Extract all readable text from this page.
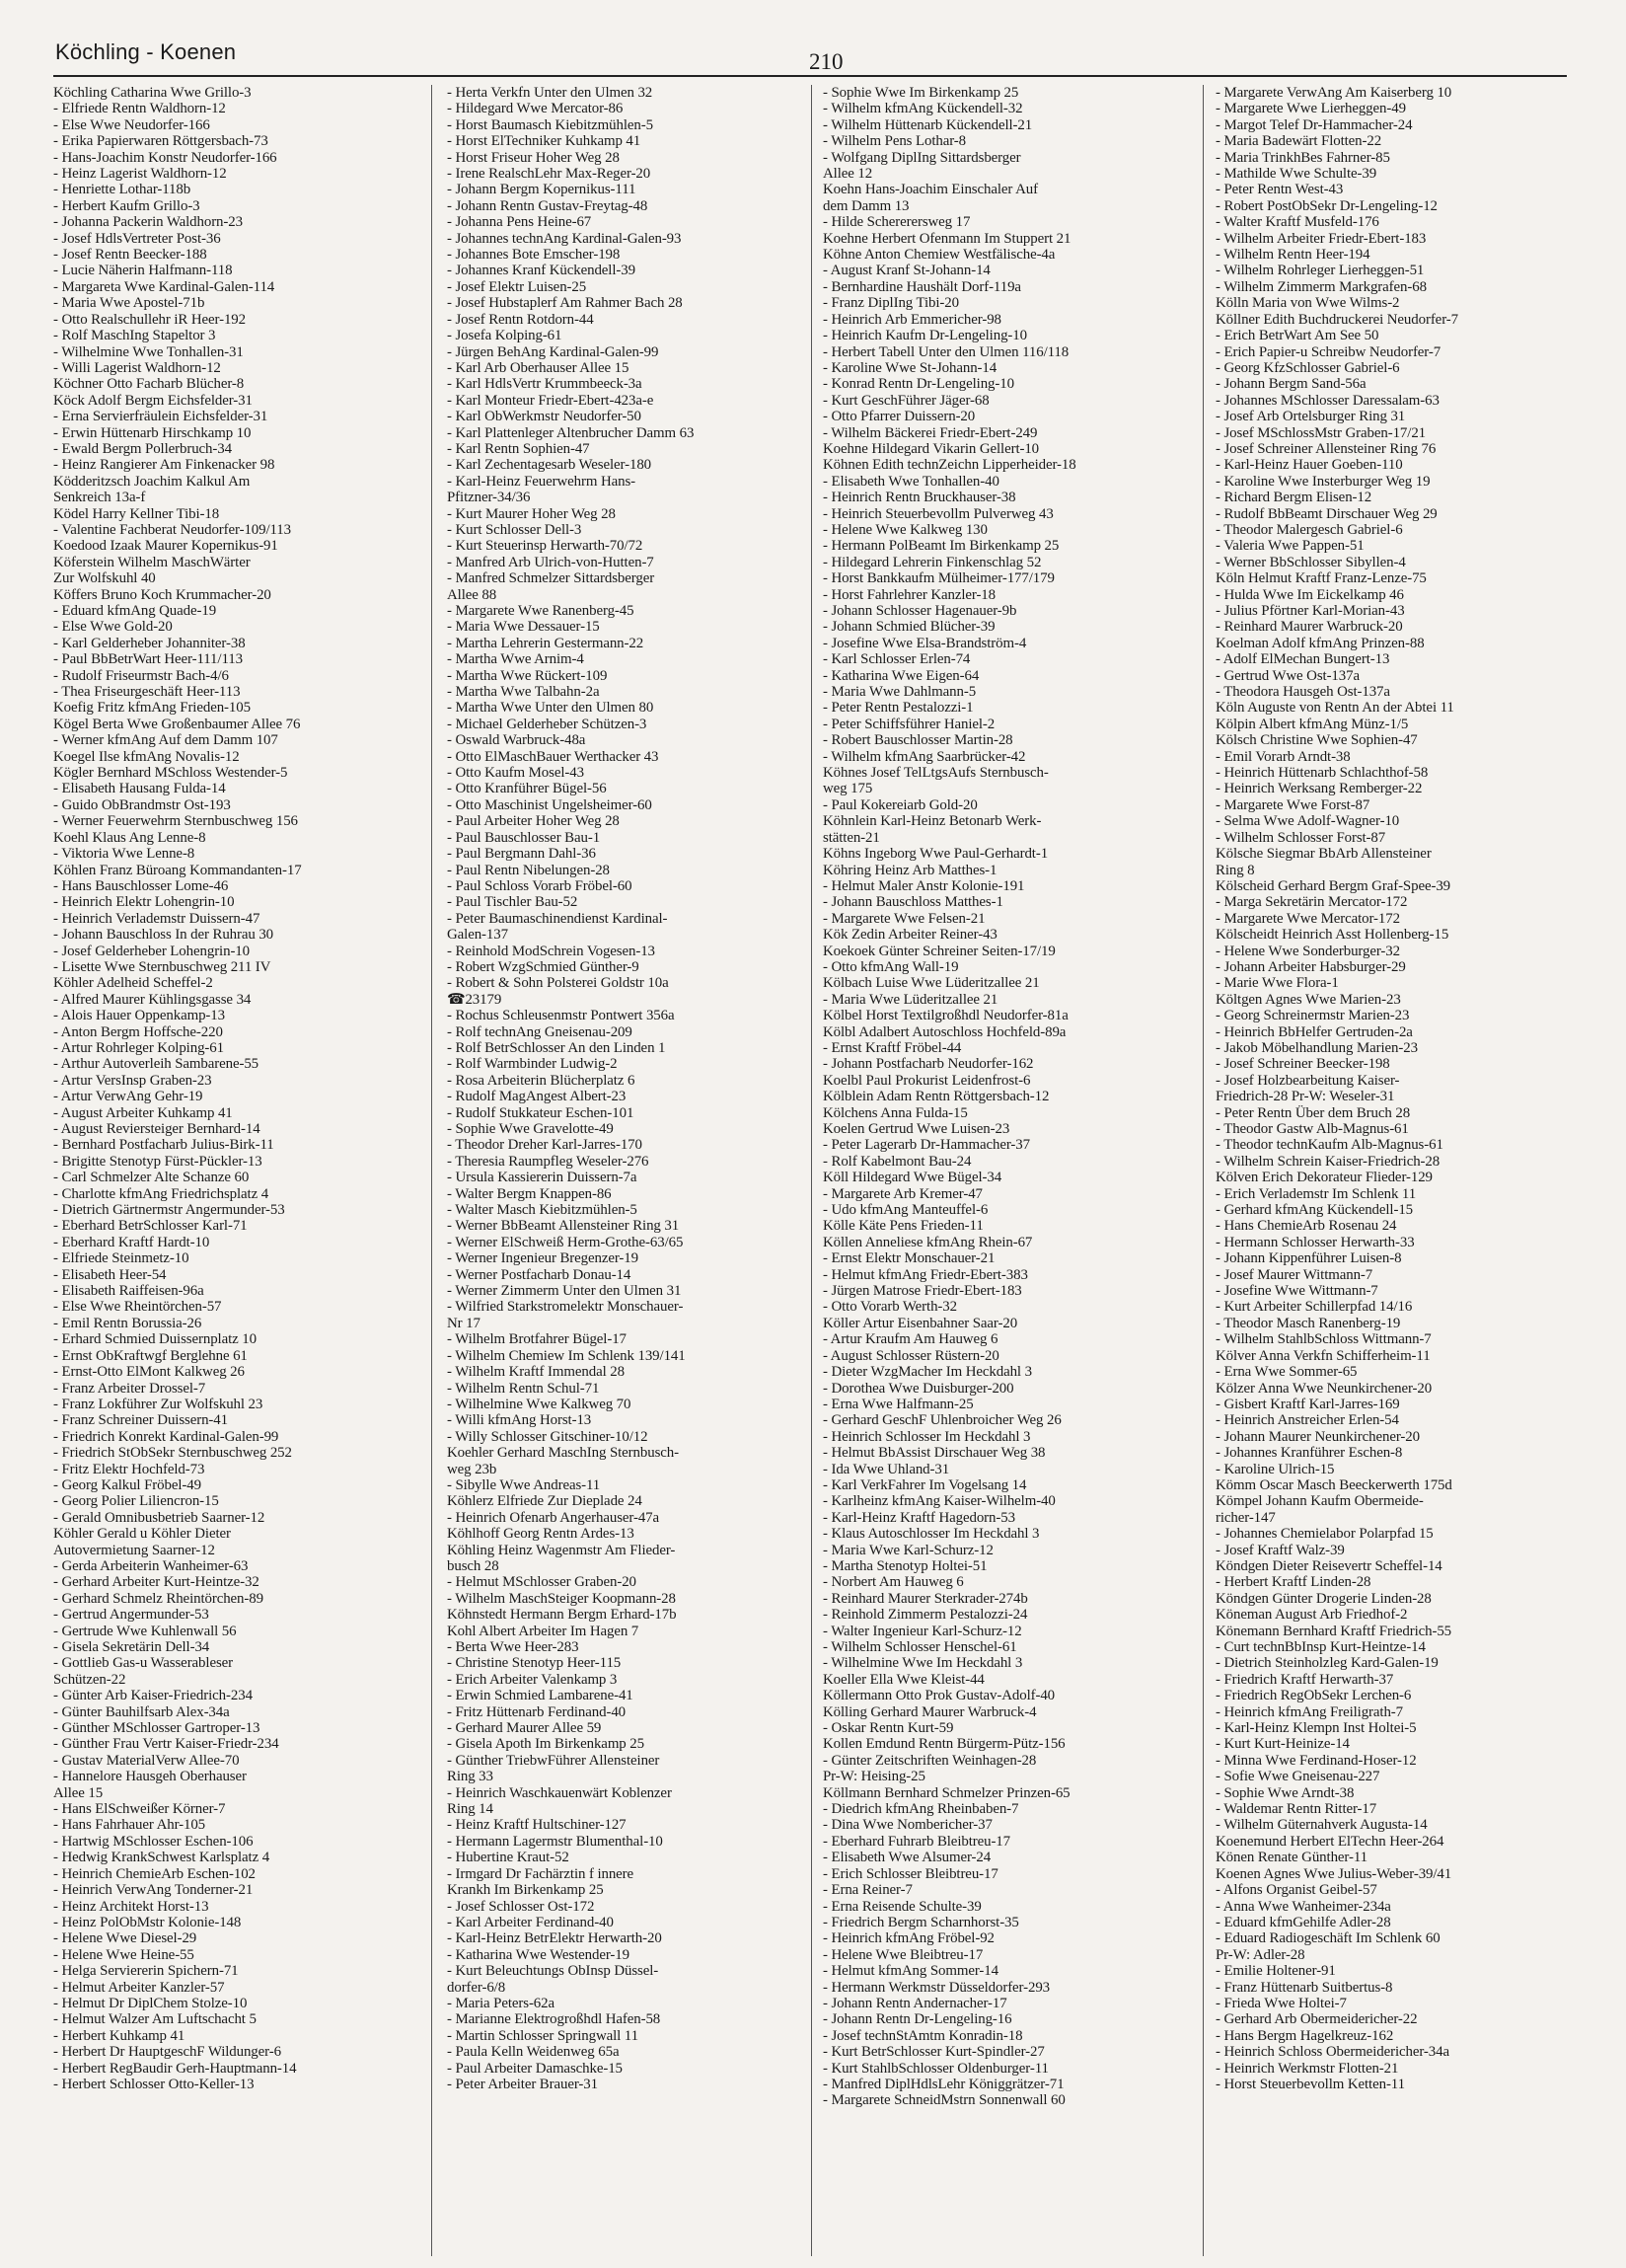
Köchling - Koenen	210
Köchling Catharina Wwe Grillo-3
- Elfriede Rentn Waldhorn-12
- Else Wwe Neudorfer-166
- Erika Papierwaren Röttgersbach-73
- Hans-Joachim Konstr Neudorfer-166
- Heinz Lagerist Waldhorn-12
- Henriette Lothar-118b
- Herbert Kaufm Grillo-3
- Johanna Packerin Waldhorn-23
- Josef HdlsVertreter Post-36
- Josef Rentn Beecker-188
- Lucie Näherin Halfmann-118
- Margareta Wwe Kardinal-Galen-114
- Maria Wwe Apostel-71b
- Otto Realschullehr iR Heer-192
- Rolf MaschIng Stapeltor 3
- Wilhelmine Wwe Tonhallen-31
- Willi Lagerist Waldhorn-12
Köchner Otto Facharb Blücher-8
Köck Adolf Bergm Eichsfelder-31
- Erna Servierfräulein Eichsfelder-31
- Erwin Hüttenarb Hirschkamp 10
- Ewald Bergm Pollerbruch-34
- Heinz Rangierer Am Finkenacker 98
Ködderitzsch Joachim Kalkul Am
Senkreich 13a-f
Ködel Harry Kellner Tibi-18
- Valentine Fachberat Neudorfer-109/113
Koedood Izaak Maurer Kopernikus-91
Köferstein Wilhelm MaschWärter
Zur Wolfskuhl 40
Köffers Bruno Koch Krummacher-20
- Eduard kfmAng Quade-19
- Else Wwe Gold-20
- Karl Gelderheber Johanniter-38
- Paul BbBetrWart Heer-111/113
- Rudolf Friseurmstr Bach-4/6
- Thea Friseurgeschäft Heer-113
Koefig Fritz kfmAng Frieden-105
Kögel Berta Wwe Großenbaumer Allee 76
- Werner kfmAng Auf dem Damm 107
Koegel Ilse kfmAng Novalis-12
Kögler Bernhard MSchloss Westender-5
- Elisabeth Hausang Fulda-14
- Guido ObBrandmstr Ost-193
- Werner Feuerwehrm Sternbuschweg 156
Koehl Klaus Ang Lenne-8
- Viktoria Wwe Lenne-8
Köhlen Franz Büroang Kommandanten-17
- Hans Bauschlosser Lome-46
- Heinrich Elektr Lohengrin-10
- Heinrich Verlademstr Duissern-47
- Johann Bauschloss In der Ruhrau 30
- Josef Gelderheber Lohengrin-10
- Lisette Wwe Sternbuschweg 211 IV
Köhler Adelheid Scheffel-2
- Alfred Maurer Kühlingsgasse 34
- Alois Hauer Oppenkamp-13
- Anton Bergm Hoffsche-220
- Artur Rohrleger Kolping-61
- Arthur Autoverleih Sambarene-55
- Artur VersInsp Graben-23
- Artur VerwAng Gehr-19
- August Arbeiter Kuhkamp 41
- August Reviersteiger Bernhard-14
- Bernhard Postfacharb Julius-Birk-11
- Brigitte Stenotyp Fürst-Pückler-13
- Carl Schmelzer Alte Schanze 60
- Charlotte kfmAng Friedrichsplatz 4
- Dietrich Gärtnermstr Angermunder-53
- Eberhard BetrSchlosser Karl-71
- Eberhard Kraftf Hardt-10
- Elfriede Steinmetz-10
- Elisabeth Heer-54
- Elisabeth Raiffeisen-96a
- Else Wwe Rheintörchen-57
- Emil Rentn Borussia-26
- Erhard Schmied Duissernplatz 10
- Ernst ObKraftwgf Berglehne 61
- Ernst-Otto ElMont Kalkweg 26
- Franz Arbeiter Drossel-7
- Franz Lokführer Zur Wolfskuhl 23
- Franz Schreiner Duissern-41
- Friedrich Konrekt Kardinal-Galen-99
- Friedrich StObSekr Sternbuschweg 252
- Fritz Elektr Hochfeld-73
- Georg Kalkul Fröbel-49
- Georg Polier Liliencron-15
- Gerald Omnibusbetrieb Saarner-12
Köhler Gerald u Köhler Dieter
Autovermietung Saarner-12
- Gerda Arbeiterin Wanheimer-63
- Gerhard Arbeiter Kurt-Heintze-32
- Gerhard Schmelz Rheintörchen-89
- Gertrud Angermunder-53
- Gertrude Wwe Kuhlenwall 56
- Gisela Sekretärin Dell-34
- Gottlieb Gas-u Wasserableser
Schützen-22
- Günter Arb Kaiser-Friedrich-234
- Günter Bauhilfsarb Alex-34a
- Günther MSchlosser Gartroper-13
- Günther Frau Vertr Kaiser-Friedr-234
- Gustav MaterialVerw Allee-70
- Hannelore Hausgeh Oberhauser
Allee 15
- Hans ElSchweißer Körner-7
- Hans Fahrhauer Ahr-105
- Hartwig MSchlosser Eschen-106
- Hedwig KrankSchwest Karlsplatz 4
- Heinrich ChemieArb Eschen-102
- Heinrich VerwAng Tonderner-21
- Heinz Architekt Horst-13
- Heinz PolObMstr Kolonie-148
- Helene Wwe Diesel-29
- Helene Wwe Heine-55
- Helga Serviererin Spichern-71
- Helmut Arbeiter Kanzler-57
- Helmut Dr DiplChem Stolze-10
- Helmut Walzer Am Luftschacht 5
- Herbert Kuhkamp 41
- Herbert Dr HauptgeschF Wildunger-6
- Herbert RegBaudir Gerh-Hauptmann-14
- Herbert Schlosser Otto-Keller-13
- Herta Verkfn Unter den Ulmen 32
- Hildegard Wwe Mercator-86
- Horst Baumasch Kiebitzmühlen-5
- Horst ElTechniker Kuhkamp 41
- Horst Friseur Hoher Weg 28
- Irene RealschLehr Max-Reger-20
- Johann Bergm Kopernikus-111
- Johann Rentn Gustav-Freytag-48
- Johanna Pens Heine-67
- Johannes technAng Kardinal-Galen-93
- Johannes Bote Emscher-198
- Johannes Kranf Kückendell-39
- Josef Elektr Luisen-25
- Josef Hubstaplerf Am Rahmer Bach 28
- Josef Rentn Rotdorn-44
- Josefa Kolping-61
- Jürgen BehAng Kardinal-Galen-99
- Karl Arb Oberhauser Allee 15
- Karl HdlsVertr Krummbeeck-3a
- Karl Monteur Friedr-Ebert-423a-e
- Karl ObWerkmstr Neudorfer-50
- Karl Plattenleger Altenbrucher Damm 63
- Karl Rentn Sophien-47
- Karl Zechentagesarb Weseler-180
- Karl-Heinz Feuerwehrm Hans-
Pfitzner-34/36
- Kurt Maurer Hoher Weg 28
- Kurt Schlosser Dell-3
- Kurt Steuerinsp Herwarth-70/72
- Manfred Arb Ulrich-von-Hutten-7
- Manfred Schmelzer Sittardsberger
Allee 88
- Margarete Wwe Ranenberg-45
- Maria Wwe Dessauer-15
- Martha Lehrerin Gestermann-22
- Martha Wwe Arnim-4
- Martha Wwe Rückert-109
- Martha Wwe Talbahn-2a
- Martha Wwe Unter den Ulmen 80
- Michael Gelderheber Schützen-3
- Oswald Warbruck-48a
- Otto ElMaschBauer Werthacker 43
- Otto Kaufm Mosel-43
- Otto Kranführer Bügel-56
- Otto Maschinist Ungelsheimer-60
- Paul Arbeiter Hoher Weg 28
- Paul Bauschlosser Bau-1
- Paul Bergmann Dahl-36
- Paul Rentn Nibelungen-28
- Paul Schloss Vorarb Fröbel-60
- Paul Tischler Bau-52
- Peter Baumaschinendienst Kardinal-
Galen-137
- Reinhold ModSchrein Vogesen-13
- Robert WzgSchmied Günther-9
- Robert & Sohn Polsterei Goldstr 10a
☎23179
- Rochus Schleusenmstr Pontwert 356a
- Rolf technAng Gneisenau-209
- Rolf BetrSchlosser An den Linden 1
- Rolf Warmbinder Ludwig-2
- Rosa Arbeiterin Blücherplatz 6
- Rudolf MagAngest Albert-23
- Rudolf Stukkateur Eschen-101
- Sophie Wwe Gravelotte-49
- Theodor Dreher Karl-Jarres-170
- Theresia Raumpfleg Weseler-276
- Ursula Kassiererin Duissern-7a
- Walter Bergm Knappen-86
- Walter Masch Kiebitzmühlen-5
- Werner BbBeamt Allensteiner Ring 31
- Werner ElSchweiß Herm-Grothe-63/65
- Werner Ingenieur Bregenzer-19
- Werner Postfacharb Donau-14
- Werner Zimmerm Unter den Ulmen 31
- Wilfried Starkstromelektr Monschauer-
Nr 17
- Wilhelm Brotfahrer Bügel-17
- Wilhelm Chemiew Im Schlenk 139/141
- Wilhelm Kraftf Immendal 28
- Wilhelm Rentn Schul-71
- Wilhelmine Wwe Kalkweg 70
- Willi kfmAng Horst-13
- Willy Schlosser Gitschiner-10/12
Koehler Gerhard MaschIng Sternbusch-
weg 23b
- Sibylle Wwe Andreas-11
Köhlerz Elfriede Zur Dieplade 24
- Heinrich Ofenarb Angerhauser-47a
Köhlhoff Georg Rentn Ardes-13
Köhling Heinz Wagenmstr Am Flieder-
busch 28
- Helmut MSchlosser Graben-20
- Wilhelm MaschSteiger Koopmann-28
Köhnstedt Hermann Bergm Erhard-17b
Kohl Albert Arbeiter Im Hagen 7
- Berta Wwe Heer-283
- Christine Stenotyp Heer-115
- Erich Arbeiter Valenkamp 3
- Erwin Schmied Lambarene-41
- Fritz Hüttenarb Ferdinand-40
- Gerhard Maurer Allee 59
- Gisela Apoth Im Birkenkamp 25
- Günther TriebwFührer Allensteiner
Ring 33
- Heinrich Waschkauenwärt Koblenzer
Ring 14
- Heinz Kraftf Hultschiner-127
- Hermann Lagermstr Blumenthal-10
- Hubertine Kraut-52
- Irmgard Dr Fachärztin f innere
Krankh Im Birkenkamp 25
- Josef Schlosser Ost-172
- Karl Arbeiter Ferdinand-40
- Karl-Heinz BetrElektr Herwarth-20
- Katharina Wwe Westender-19
- Kurt Beleuchtungs ObInsp Düssel-
dorfer-6/8
- Maria Peters-62a
- Marianne Elektrogroßhdl Hafen-58
- Martin Schlosser Springwall 11
- Paula Kelln Weidenweg 65a
- Paul Arbeiter Damaschke-15
- Peter Arbeiter Brauer-31
- Sophie Wwe Im Birkenkamp 25
- Wilhelm kfmAng Kückendell-32
- Wilhelm Hüttenarb Kückendell-21
- Wilhelm Pens Lothar-8
- Wolfgang DiplIng Sittardsberger
Allee 12
Koehn Hans-Joachim Einschaler Auf
dem Damm 13
- Hilde Schererersweg 17
Koehne Herbert Ofenmann Im Stuppert 21
Köhne Anton Chemiew Westfälische-4a
- August Kranf St-Johann-14
- Bernhardine Haushält Dorf-119a
- Franz DiplIng Tibi-20
- Heinrich Arb Emmericher-98
- Heinrich Kaufm Dr-Lengeling-10
- Herbert Tabell Unter den Ulmen 116/118
- Karoline Wwe St-Johann-14
- Konrad Rentn Dr-Lengeling-10
- Kurt GeschFührer Jäger-68
- Otto Pfarrer Duissern-20
- Wilhelm Bäckerei Friedr-Ebert-249
Koehne Hildegard Vikarin Gellert-10
Köhnen Edith technZeichn Lipperheider-18
- Elisabeth Wwe Tonhallen-40
- Heinrich Rentn Bruckhauser-38
- Heinrich Steuerbevollm Pulverweg 43
- Helene Wwe Kalkweg 130
- Hermann PolBeamt Im Birkenkamp 25
- Hildegard Lehrerin Finkenschlag 52
- Horst Bankkaufm Mülheimer-177/179
- Horst Fahrlehrer Kanzler-18
- Johann Schlosser Hagenauer-9b
- Johann Schmied Blücher-39
- Josefine Wwe Elsa-Brandström-4
- Karl Schlosser Erlen-74
- Katharina Wwe Eigen-64
- Maria Wwe Dahlmann-5
- Peter Rentn Pestalozzi-1
- Peter Schiffsführer Haniel-2
- Robert Bauschlosser Martin-28
- Wilhelm kfmAng Saarbrücker-42
Köhnes Josef TelLtgsAufs Sternbusch-
weg 175
- Paul Kokereiarb Gold-20
Köhnlein Karl-Heinz Betonarb Werk-
stätten-21
Köhns Ingeborg Wwe Paul-Gerhardt-1
Köhring Heinz Arb Matthes-1
- Helmut Maler Anstr Kolonie-191
- Johann Bauschloss Matthes-1
- Margarete Wwe Felsen-21
Kök Zedin Arbeiter Reiner-43
Koekoek Günter Schreiner Seiten-17/19
- Otto kfmAng Wall-19
Kölbach Luise Wwe Lüderitzallee 21
- Maria Wwe Lüderitzallee 21
Kölbel Horst Textilgroßhdl Neudorfer-81a
Kölbl Adalbert Autoschloss Hochfeld-89a
- Ernst Kraftf Fröbel-44
- Johann Postfacharb Neudorfer-162
Koelbl Paul Prokurist Leidenfrost-6
Kölblein Adam Rentn Röttgersbach-12
Kölchens Anna Fulda-15
Koelen Gertrud Wwe Luisen-23
- Peter Lagerarb Dr-Hammacher-37
- Rolf Kabelmont Bau-24
Köll Hildegard Wwe Bügel-34
- Margarete Arb Kremer-47
- Udo kfmAng Manteuffel-6
Kölle Käte Pens Frieden-11
Köllen Anneliese kfmAng Rhein-67
- Ernst Elektr Monschauer-21
- Helmut kfmAng Friedr-Ebert-383
- Jürgen Matrose Friedr-Ebert-183
- Otto Vorarb Werth-32
Köller Artur Eisenbahner Saar-20
- Artur Kraufm Am Hauweg 6
- August Schlosser Rüstern-20
- Dieter WzgMacher Im Heckdahl 3
- Dorothea Wwe Duisburger-200
- Erna Wwe Halfmann-25
- Gerhard GeschF Uhlenbroicher Weg 26
- Heinrich Schlosser Im Heckdahl 3
- Helmut BbAssist Dirschauer Weg 38
- Ida Wwe Uhland-31
- Karl VerkFahrer Im Vogelsang 14
- Karlheinz kfmAng Kaiser-Wilhelm-40
- Karl-Heinz Kraftf Hagedorn-53
- Klaus Autoschlosser Im Heckdahl 3
- Maria Wwe Karl-Schurz-12
- Martha Stenotyp Holtei-51
- Norbert Am Hauweg 6
- Reinhard Maurer Sterkrader-274b
- Reinhold Zimmerm Pestalozzi-24
- Walter Ingenieur Karl-Schurz-12
- Wilhelm Schlosser Henschel-61
- Wilhelmine Wwe Im Heckdahl 3
Koeller Ella Wwe Kleist-44
Köllermann Otto Prok Gustav-Adolf-40
Kölling Gerhard Maurer Warbruck-4
- Oskar Rentn Kurt-59
Kollen Emdund Rentn Bürgerm-Pütz-156
- Günter Zeitschriften Weinhagen-28
Pr-W: Heising-25
Köllmann Bernhard Schmelzer Prinzen-65
- Diedrich kfmAng Rheinbaben-7
- Dina Wwe Nombericher-37
- Eberhard Fuhrarb Bleibtreu-17
- Elisabeth Wwe Alsumer-24
- Erich Schlosser Bleibtreu-17
- Erna Reiner-7
- Erna Reisende Schulte-39
- Friedrich Bergm Scharnhorst-35
- Heinrich kfmAng Fröbel-92
- Helene Wwe Bleibtreu-17
- Helmut kfmAng Sommer-14
- Hermann Werkmstr Düsseldorfer-293
- Johann Rentn Andernacher-17
- Johann Rentn Dr-Lengeling-16
- Josef technStAmtm Konradin-18
- Kurt BetrSchlosser Kurt-Spindler-27
- Kurt StahlbSchlosser Oldenburger-11
- Manfred DiplHdlsLehr Königgrätzer-71
- Margarete SchneidMstrn Sonnenwall 60
- Margarete VerwAng Am Kaiserberg 10
- Margarete Wwe Lierheggen-49
- Margot Telef Dr-Hammacher-24
- Maria Badewärt Flotten-22
- Maria TrinkhBes Fahrner-85
- Mathilde Wwe Schulte-39
- Peter Rentn West-43
- Robert PostObSekr Dr-Lengeling-12
- Walter Kraftf Musfeld-176
- Wilhelm Arbeiter Friedr-Ebert-183
- Wilhelm Rentn Heer-194
- Wilhelm Rohrleger Lierheggen-51
- Wilhelm Zimmerm Markgrafen-68
Kölln Maria von Wwe Wilms-2
Köllner Edith Buchdruckerei Neudorfer-7
- Erich BetrWart Am See 50
- Erich Papier-u Schreibw Neudorfer-7
- Georg KfzSchlosser Gabriel-6
- Johann Bergm Sand-56a
- Johannes MSchlosser Daressalam-63
- Josef Arb Ortelsburger Ring 31
- Josef MSchlossMstr Graben-17/21
- Josef Schreiner Allensteiner Ring 76
- Karl-Heinz Hauer Goeben-110
- Karoline Wwe Insterburger Weg 19
- Richard Bergm Elisen-12
- Rudolf BbBeamt Dirschauer Weg 29
- Theodor Malergesch Gabriel-6
- Valeria Wwe Pappen-51
- Werner BbSchlosser Sibyllen-4
Köln Helmut Kraftf Franz-Lenze-75
- Hulda Wwe Im Eickelkamp 46
- Julius Pförtner Karl-Morian-43
- Reinhard Maurer Warbruck-20
Koelman Adolf kfmAng Prinzen-88
- Adolf ElMechan Bungert-13
- Gertrud Wwe Ost-137a
- Theodora Hausgeh Ost-137a
Köln Auguste von Rentn An der Abtei 11
Kölpin Albert kfmAng Münz-1/5
Kölsch Christine Wwe Sophien-47
- Emil Vorarb Arndt-38
- Heinrich Hüttenarb Schlachthof-58
- Heinrich Werksang Remberger-22
- Margarete Wwe Forst-87
- Selma Wwe Adolf-Wagner-10
- Wilhelm Schlosser Forst-87
Kölsche Siegmar BbArb Allensteiner
Ring 8
Kölscheid Gerhard Bergm Graf-Spee-39
- Marga Sekretärin Mercator-172
- Margarete Wwe Mercator-172
Kölscheidt Heinrich Asst Hollenberg-15
- Helene Wwe Sonderburger-32
- Johann Arbeiter Habsburger-29
- Marie Wwe Flora-1
Költgen Agnes Wwe Marien-23
- Georg Schreinermstr Marien-23
- Heinrich BbHelfer Gertruden-2a
- Jakob Möbelhandlung Marien-23
- Josef Schreiner Beecker-198
- Josef Holzbearbeitung Kaiser-
Friedrich-28 Pr-W: Weseler-31
- Peter Rentn Über dem Bruch 28
- Theodor Gastw Alb-Magnus-61
- Theodor technKaufm Alb-Magnus-61
- Wilhelm Schrein Kaiser-Friedrich-28
Kölven Erich Dekorateur Flieder-129
- Erich Verlademstr Im Schlenk 11
- Gerhard kfmAng Kückendell-15
- Hans ChemieArb Rosenau 24
- Hermann Schlosser Herwarth-33
- Johann Kippenführer Luisen-8
- Josef Maurer Wittmann-7
- Josefine Wwe Wittmann-7
- Kurt Arbeiter Schillerpfad 14/16
- Theodor Masch Ranenberg-19
- Wilhelm StahlbSchloss Wittmann-7
Kölver Anna Verkfn Schifferheim-11
- Erna Wwe Sommer-65
Kölzer Anna Wwe Neunkirchener-20
- Gisbert Kraftf Karl-Jarres-169
- Heinrich Anstreicher Erlen-54
- Johann Maurer Neunkirchener-20
- Johannes Kranführer Eschen-8
- Karoline Ulrich-15
Kömm Oscar Masch Beeckerwerth 175d
Kömpel Johann Kaufm Obermeide-
richer-147
- Johannes Chemielabor Polarpfad 15
- Josef Kraftf Walz-39
Köndgen Dieter Reisevertr Scheffel-14
- Herbert Kraftf Linden-28
Köndgen Günter Drogerie Linden-28
Köneman August Arb Friedhof-2
Könemann Bernhard Kraftf Friedrich-55
- Curt technBbInsp Kurt-Heintze-14
- Dietrich Steinholzleg Kard-Galen-19
- Friedrich Kraftf Herwarth-37
- Friedrich RegObSekr Lerchen-6
- Heinrich kfmAng Freiligrath-7
- Karl-Heinz Klempn Inst Holtei-5
- Kurt Kurt-Heinize-14
- Minna Wwe Ferdinand-Hoser-12
- Sofie Wwe Gneisenau-227
- Sophie Wwe Arndt-38
- Waldemar Rentn Ritter-17
- Wilhelm Güternahverk Augusta-14
Koenemund Herbert ElTechn Heer-264
Könen Renate Günther-11
Koenen Agnes Wwe Julius-Weber-39/41
- Alfons Organist Geibel-57
- Anna Wwe Wanheimer-234a
- Eduard kfmGehilfe Adler-28
- Eduard Radiogeschäft Im Schlenk 60
Pr-W: Adler-28
- Emilie Holtener-91
- Franz Hüttenarb Suitbertus-8
- Frieda Wwe Holtei-7
- Gerhard Arb Obermeidericher-22
- Hans Bergm Hagelkreuz-162
- Heinrich Schloss Obermeidericher-34a
- Heinrich Werkmstr Flotten-21
- Horst Steuerbevollm Ketten-11
